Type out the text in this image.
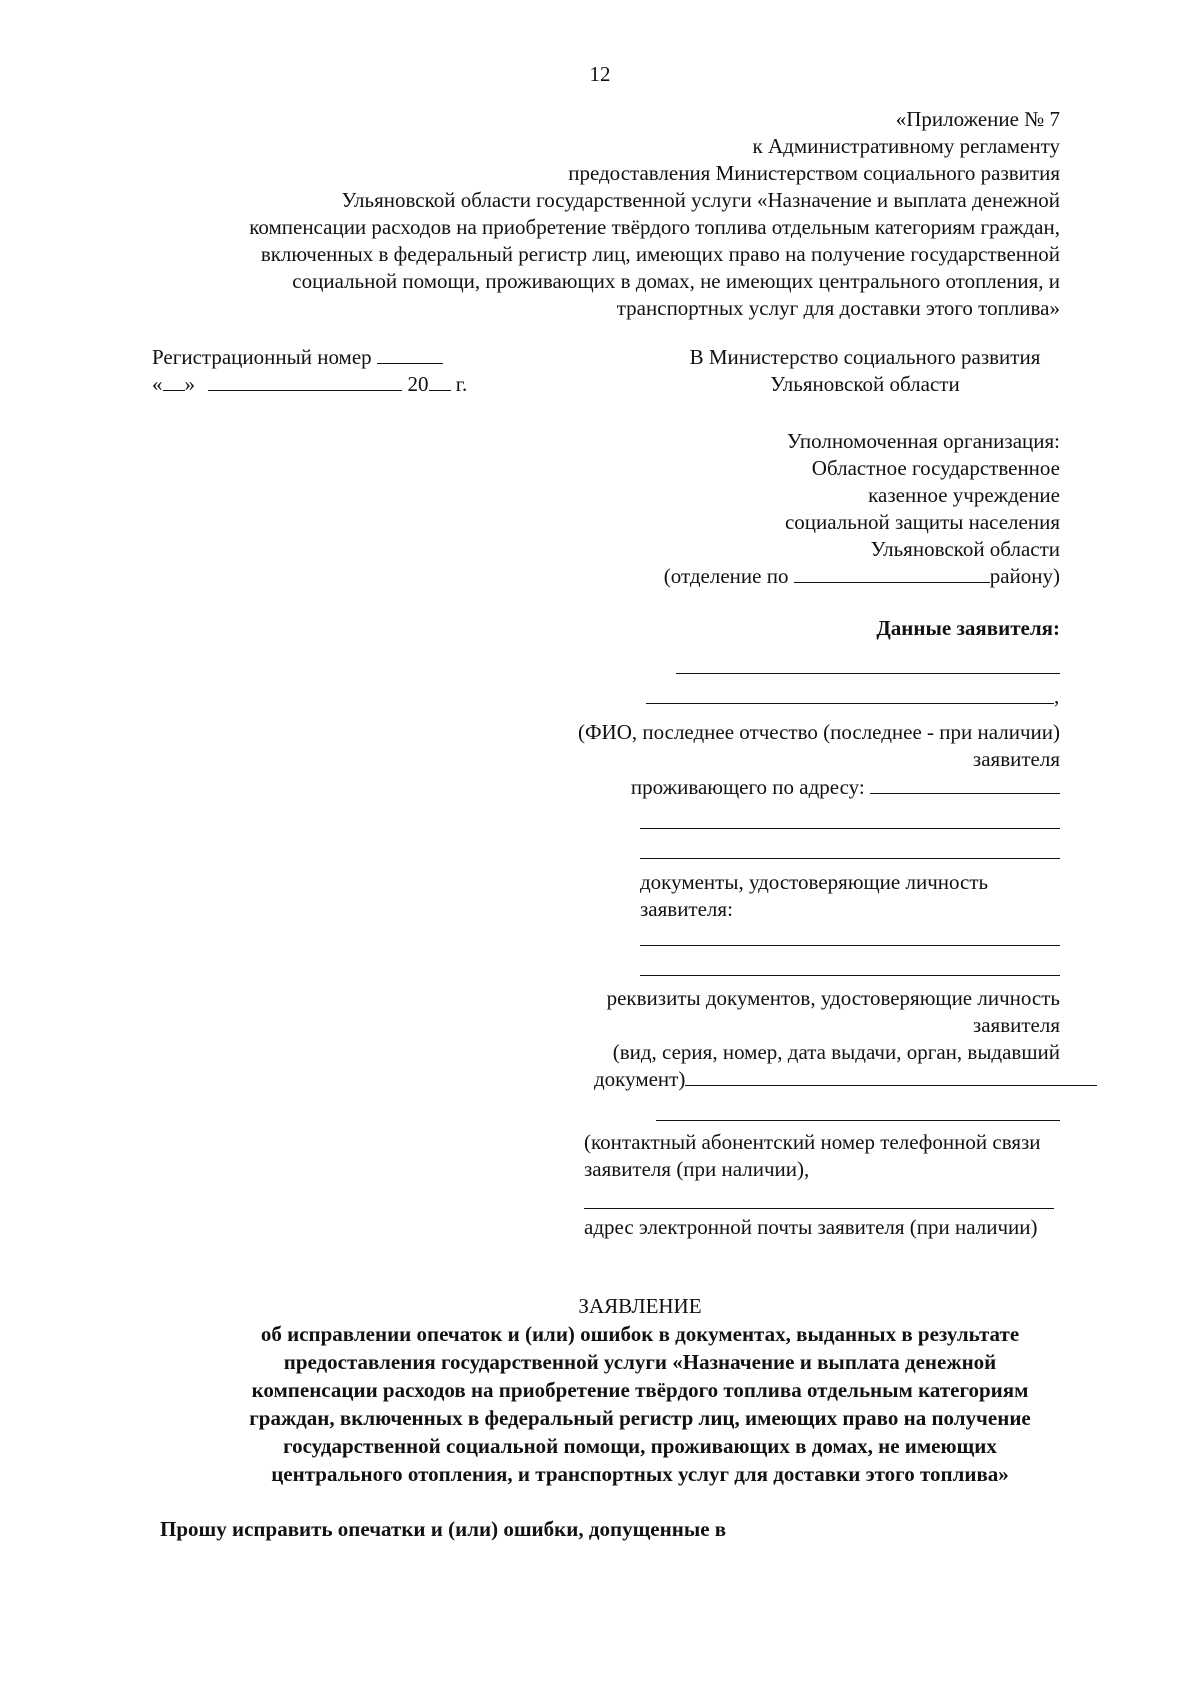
12
«Приложение № 7
к Административному регламенту
предоставления Министерством социального развития
Ульяновской области государственной услуги «Назначение и выплата денежной
компенсации расходов на приобретение твёрдого топлива отдельным категориям граждан,
включенных в федеральный регистр лиц, имеющих право на получение государственной
социальной помощи, проживающих в домах, не имеющих центрального отопления, и
транспортных услуг для доставки этого топлива»
Регистрационный номер
« »	20 г.
В Министерство социального развития
Ульяновской области
Уполномоченная организация:
Областное государственное
казенное учреждение
социальной защиты населения
Ульяновской области
(отделение по	району)
Данные заявителя:
,
(ФИО, последнее отчество (последнее - при наличии)
заявителя
проживающего по адресу:
документы, удостоверяющие личность
заявителя:
реквизиты документов, удостоверяющие личность
заявителя
(вид, серия, номер, дата выдачи, орган, выдавший
документ)
(контактный абонентский номер телефонной связи
заявителя (при наличии),
адрес электронной почты заявителя (при наличии)
ЗАЯВЛЕНИЕ
об исправлении опечаток и (или) ошибок в документах, выданных в результате
предоставления государственной услуги «Назначение и выплата денежной
компенсации расходов на приобретение твёрдого топлива отдельным категориям
граждан, включенных в федеральный регистр лиц, имеющих право на получение
государственной социальной помощи, проживающих в домах, не имеющих
центрального отопления, и транспортных услуг для доставки этого топлива»
Прошу исправить опечатки и (или) ошибки, допущенные в
